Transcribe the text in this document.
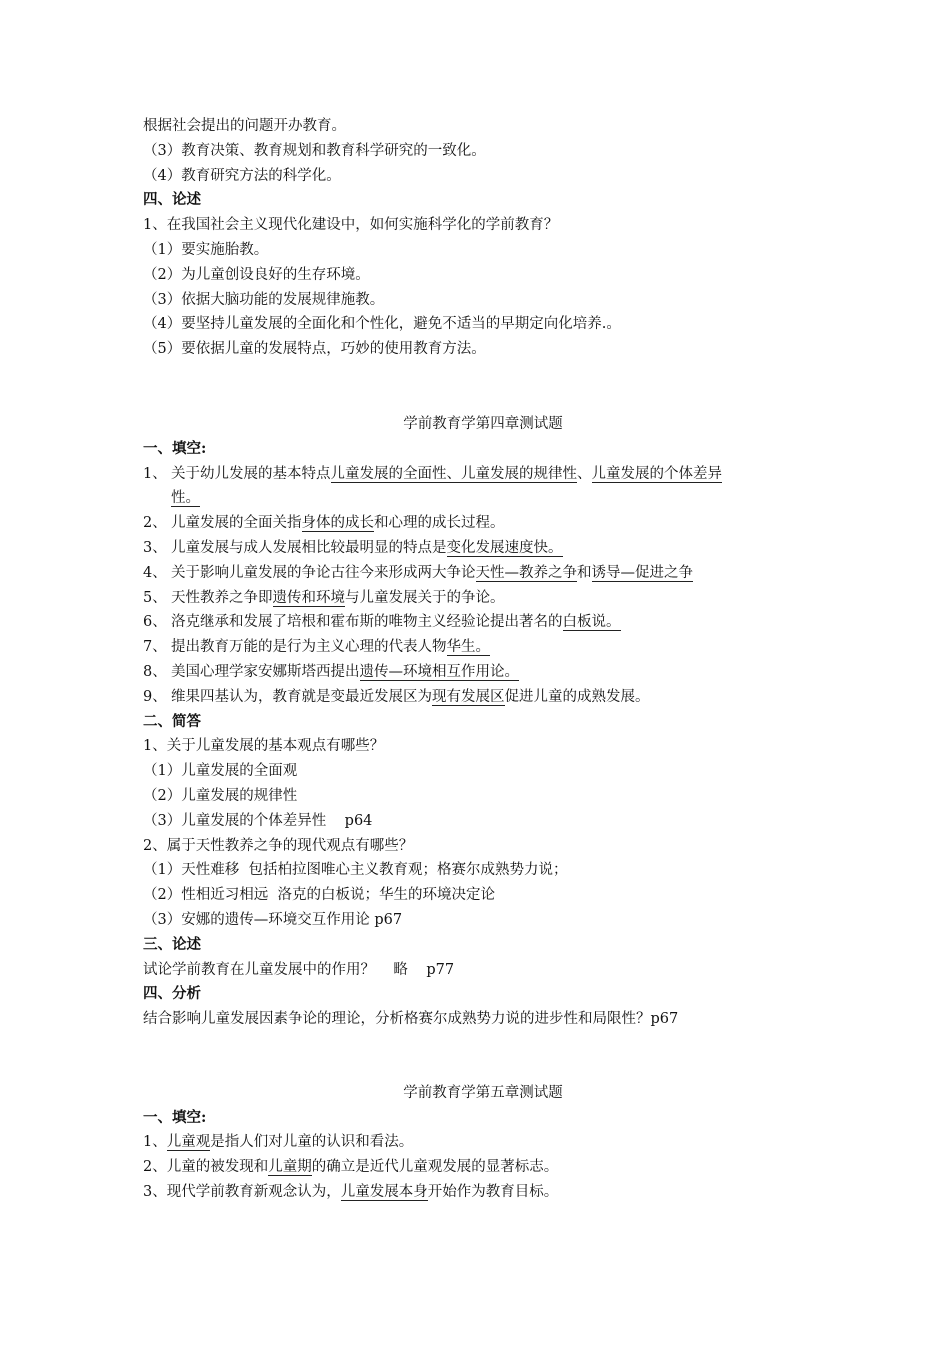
根据社会提出的问题开办教育。
（3）教育决策、教育规划和教育科学研究的一致化。
（4）教育研究方法的科学化。
四、论述
1、在我国社会主义现代化建设中，如何实施科学化的学前教育？
（1）要实施胎教。
（2）为儿童创设良好的生存环境。
（3）依据大脑功能的发展规律施教。
（4）要坚持儿童发展的全面化和个性化，避免不适当的早期定向化培养.。
（5）要依据儿童的发展特点，巧妙的使用教育方法。
学前教育学第四章测试题
一、填空:
1、 关于幼儿发展的基本特点儿童发展的全面性、儿童发展的规律性、儿童发展的个体差异
性。
2、 儿童发展的全面关指身体的成长和心理的成长过程。
3、 儿童发展与成人发展相比较最明显的特点是变化发展速度快。
4、 关于影响儿童发展的争论古往今来形成两大争论天性—教养之争和诱导—促进之争
5、 天性教养之争即遗传和环境与儿童发展关于的争论。
6、 洛克继承和发展了培根和霍布斯的唯物主义经验论提出著名的白板说。
7、 提出教育万能的是行为主义心理的代表人物华生。
8、 美国心理学家安娜斯塔西提出遗传—环境相互作用论。
9、 维果四基认为，教育就是变最近发展区为现有发展区促进儿童的成熟发展。
二、简答
1、关于儿童发展的基本观点有哪些？
（1）儿童发展的全面观
（2）儿童发展的规律性
（3）儿童发展的个体差异性    p64
2、属于天性教养之争的现代观点有哪些？
（1）天性难移  包括柏拉图唯心主义教育观；格赛尔成熟势力说；
（2）性相近习相远  洛克的白板说；华生的环境决定论
（3）安娜的遗传—环境交互作用论 p67
三、论述
试论学前教育在儿童发展中的作用？    略    p77
四、分析
结合影响儿童发展因素争论的理论，分析格赛尔成熟势力说的进步性和局限性？p67
学前教育学第五章测试题
一、填空:
1、儿童观是指人们对儿童的认识和看法。
2、儿童的被发现和儿童期的确立是近代儿童观发展的显著标志。
3、现代学前教育新观念认为，儿童发展本身开始作为教育目标。
